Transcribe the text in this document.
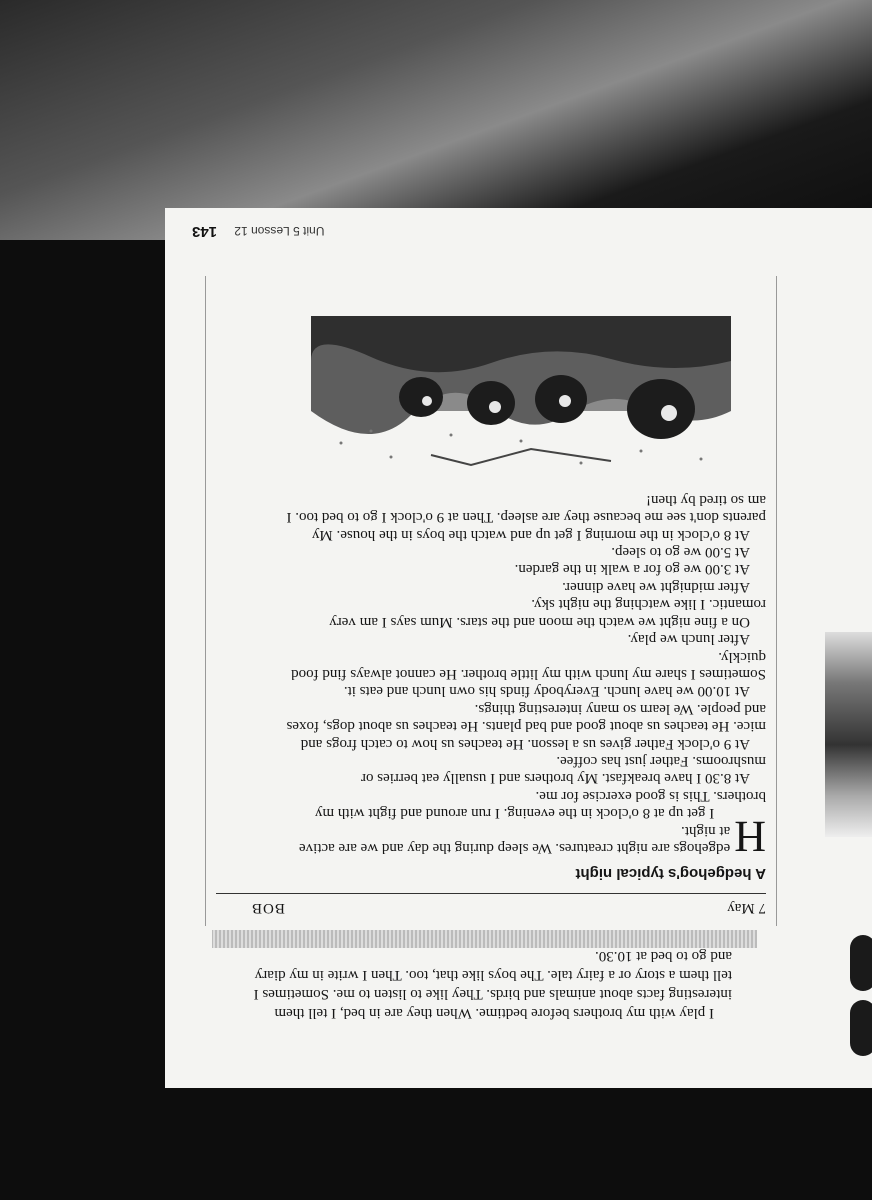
I play with my brothers before bedtime. When they are in bed, I tell them interesting facts about animals and birds. They like to listen to me. Sometimes I tell them a story or a fairy tale. The boys like that, too. Then I write in my diary and go to bed at 10.30.

7 May
BOB
A hedgehog's typical night

H
edgehogs are night creatures. We sleep during the day and we are active at night.

I get up at 8 o'clock in the evening. I run around and fight with my brothers. This is good exercise for me.

At 8.30 I have breakfast. My brothers and I usually eat berries or mushrooms. Father just has coffee.

At 9 o'clock Father gives us a lesson. He teaches us how to catch frogs and mice. He teaches us about good and bad plants. He teaches us about dogs, foxes and people. We learn so many interesting things.

At 10.00 we have lunch. Everybody finds his own lunch and eats it. Sometimes I share my lunch with my little brother. He cannot always find food quickly.

After lunch we play.

On a fine night we watch the moon and the stars. Mum says I am very romantic. I like watching the night sky.

After midnight we have dinner.

At 3.00 we go for a walk in the garden.

At 5.00 we go to sleep.

At 8 o'clock in the morning I get up and watch the boys in the house. My parents don't see me because they are asleep. Then at 9 o'clock I go to bed too. I am so tired by then!

Unit 5 Lesson 12 143
